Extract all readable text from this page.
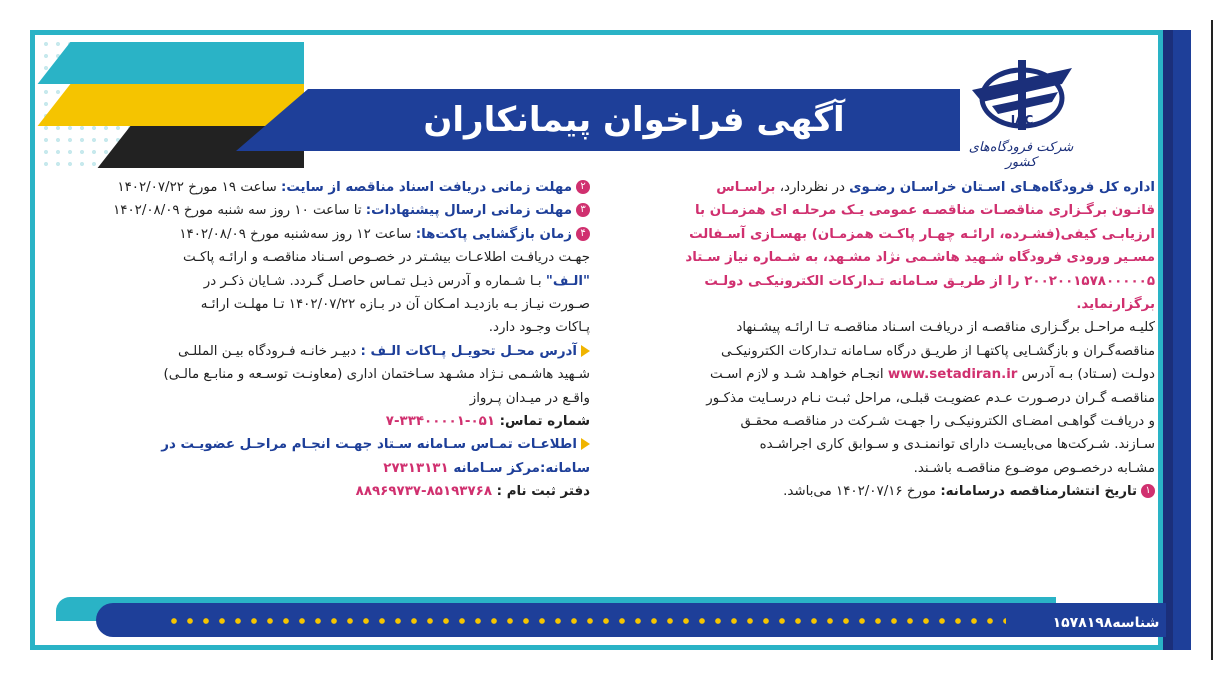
آگهی فراخوان پیمانکاران	IAC
شرکت فرودگاه‌های کشور
اداره کل فرودگاه‌هـای اسـتان خراسـان رضـوی در نظردارد، براسـاس
قانـون برگـزاری مناقصـات مناقصـه عمومی یـک مرحلـه ای همزمـان با
ارزیابـی کیفی(فشـرده، ارائـه چهـار پاکـت همزمـان) بهسـازی آسـفالت
مسـیر ورودی فرودگاه شـهید هاشـمی نژاد مشـهد، به شـماره نیاز سـتاد
۲۰۰۲۰۰۱۵۷۸۰۰۰۰۰۵ را از طریـق سـامانه تـدارکات الکترونیکـی دولـت
برگزارنماید.
کلیـه مراحـل برگـزاری مناقصـه از دریافـت اسـناد مناقصـه تـا ارائـه پیشـنهاد
مناقصه‌گـران و بازگشـایی پاکتهـا از طریـق درگاه سـامانه تـدارکات الکترونیکـی
دولـت (سـتاد) بـه آدرس www.setadiran.ir انجـام خواهـد شـد و لازم اسـت
مناقصـه گـران درصـورت عـدم عضویـت قبلـی، مراحل ثبـت نـام درسـایت مذکـور
و دریافـت گواهـی امضـای الکترونیکـی را جهـت شـرکت در مناقصـه محقـق
سـازند. شـرکت‌ها می‌بایسـت دارای توانمنـدی و سـوابق کاری اجرا‌شـده
مشـابه درخصـوص موضـوع مناقصـه باشـند.
۱تاریخ انتشارمناقصه درسامانه: مورخ ۱۴۰۲/۰۷/۱۶ می‌باشد.
۲مهلت زمانی دریافت اسناد مناقصه از سایت: ساعت ۱۹ مورخ ۱۴۰۲/۰۷/۲۲
۳مهلت زمانی ارسال پیشنهادات: تا ساعت ۱۰ روز سه شنبه مورخ ۱۴۰۲/۰۸/۰۹
۴زمان بازگشایی پاکت‌ها: ساعت ۱۲ روز سه‌شنبه مورخ ۱۴۰۲/۰۸/۰۹
جهـت دریافـت اطلاعـات بیشـتر در خصـوص اسـناد مناقصـه و ارائـه پاکـت
"الـف" بـا شـماره و آدرس ذیـل تمـاس حاصـل گـردد. شـایان ذکـر در
صـورت نیـاز بـه بازدیـد امـکان آن در بـازه ۱۴۰۲/۰۷/۲۲ تـا مهلـت ارائـه
پـاکات وجـود دارد.
آدرس محـل تحویـل پـاکات الـف : دبیـر خانـه فـرودگاه بیـن المللـی
شـهید هاشـمی نـژاد مشـهد سـاختمان اداری (معاونـت توسـعه و منابـع مالـی)
واقـع در میـدان پـرواز
شماره تماس: ۰۵۱-۳۳۴۰۰۰۰۱-۷
اطلاعـات تمـاس سـامانه سـتاد جهـت انجـام مراحـل عضویـت در
سامانه:مرکز سـامانه ۲۷۳۱۳۱۳۱
دفتر ثبت نام : ۸۵۱۹۳۷۶۸-۸۸۹۶۹۷۳۷
شناسه۱۵۷۸۱۹۸
